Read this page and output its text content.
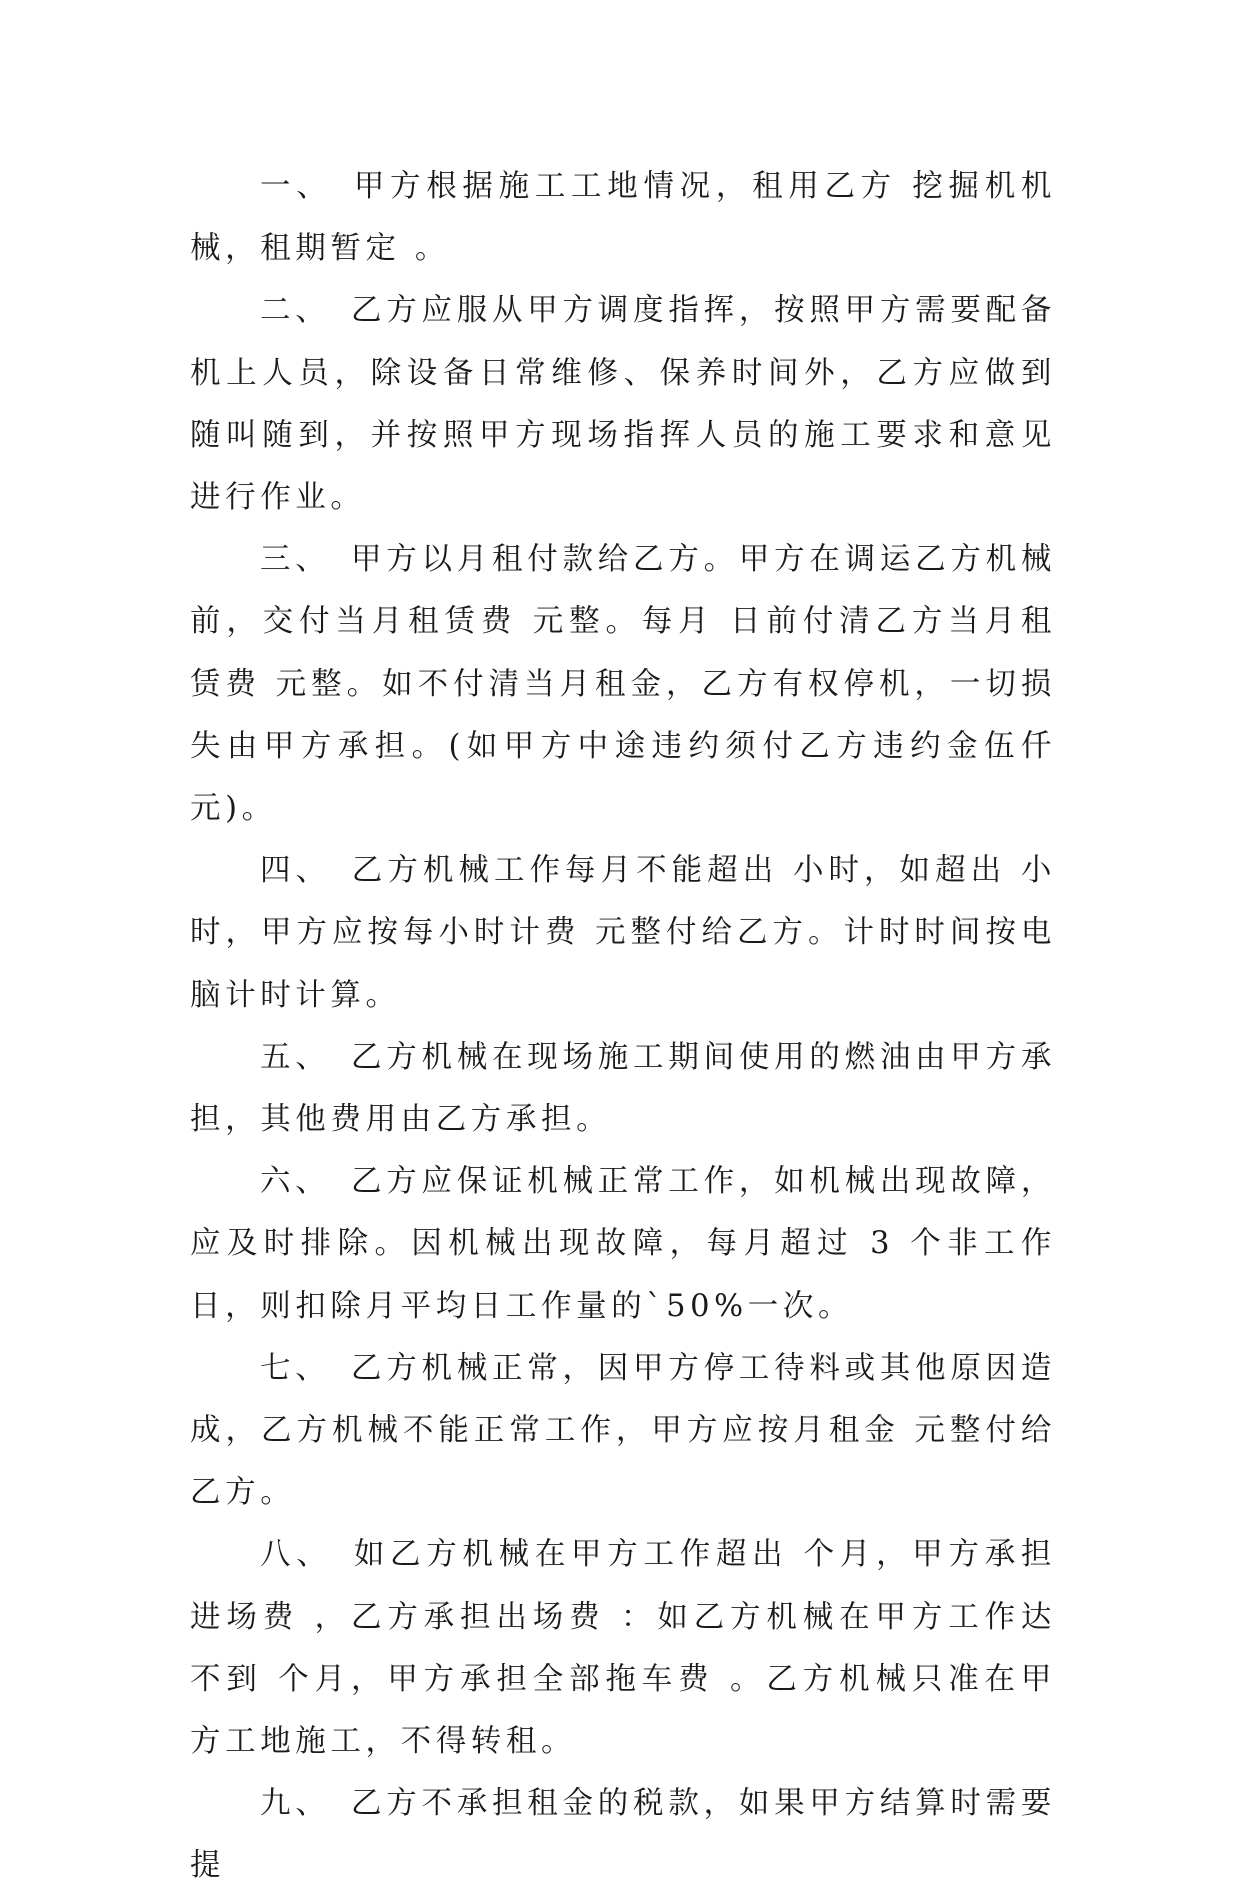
一、 甲方根据施工工地情况，租用乙方 挖掘机机械，租期暂定 。

二、 乙方应服从甲方调度指挥，按照甲方需要配备机上人员，除设备日常维修、保养时间外，乙方应做到随叫随到，并按照甲方现场指挥人员的施工要求和意见进行作业。

三、 甲方以月租付款给乙方。甲方在调运乙方机械前，交付当月租赁费 元整。每月 日前付清乙方当月租赁费 元整。如不付清当月租金，乙方有权停机，一切损失由甲方承担。(如甲方中途违约须付乙方违约金伍仟元)。

四、 乙方机械工作每月不能超出 小时，如超出 小时，甲方应按每小时计费 元整付给乙方。计时时间按电脑计时计算。

五、 乙方机械在现场施工期间使用的燃油由甲方承担，其他费用由乙方承担。

六、 乙方应保证机械正常工作，如机械出现故障，应及时排除。因机械出现故障，每月超过 3 个非工作日，则扣除月平均日工作量的`50%一次。

七、 乙方机械正常，因甲方停工待料或其他原因造成，乙方机械不能正常工作，甲方应按月租金 元整付给乙方。

八、 如乙方机械在甲方工作超出 个月，甲方承担进场费 ，乙方承担出场费 ：如乙方机械在甲方工作达不到 个月，甲方承担全部拖车费 。乙方机械只准在甲方工地施工，不得转租。

九、 乙方不承担租金的税款，如果甲方结算时需要提
